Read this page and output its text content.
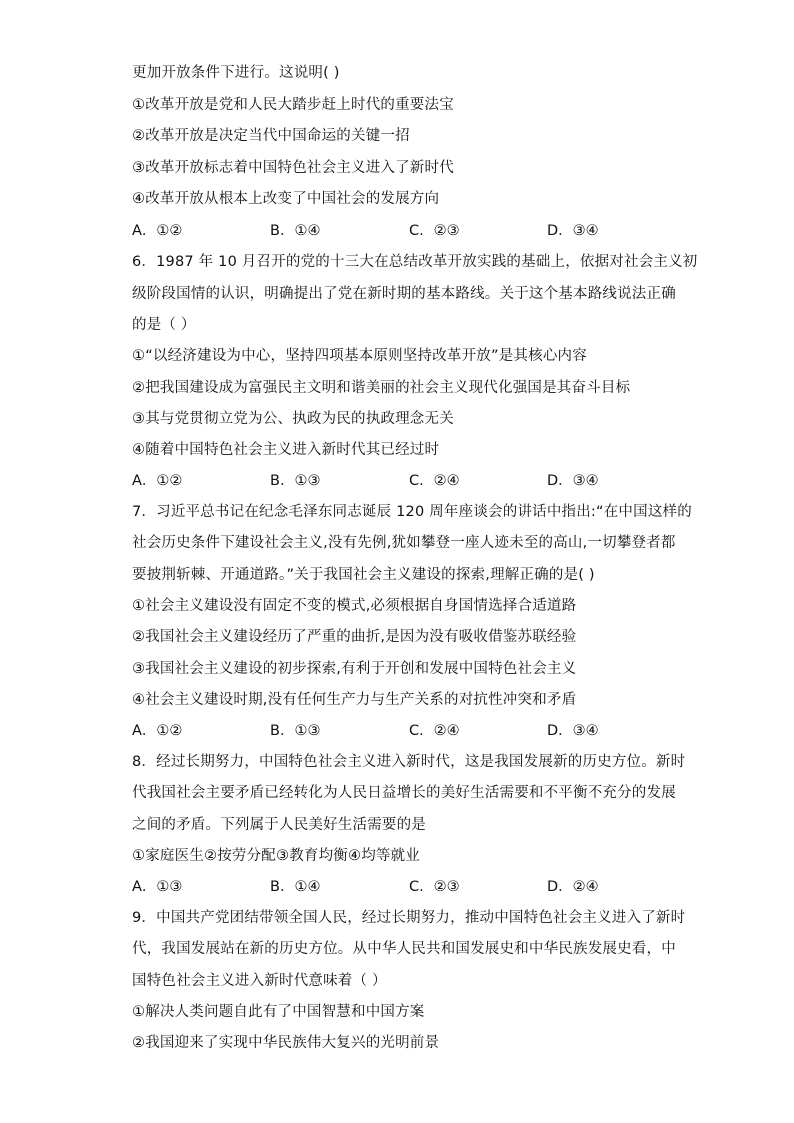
更加开放条件下进行。这说明( )
①改革开放是党和人民大踏步赶上时代的重要法宝
②改革开放是决定当代中国命运的关键一招
③改革开放标志着中国特色社会主义进入了新时代
④改革开放从根本上改变了中国社会的发展方向
A．①②	B．①④	C．②③	D．③④
6．1987 年 10 月召开的党的十三大在总结改革开放实践的基础上，依据对社会主义初
级阶段国情的认识，明确提出了党在新时期的基本路线。关于这个基本路线说法正确
的是（ ）
①“以经济建设为中心，坚持四项基本原则坚持改革开放”是其核心内容
②把我国建设成为富强民主文明和谐美丽的社会主义现代化强国是其奋斗目标
③其与党贯彻立党为公、执政为民的执政理念无关
④随着中国特色社会主义进入新时代其已经过时
A．①②	B．①③	C．②④	D．③④
7．习近平总书记在纪念毛泽东同志诞辰 120 周年座谈会的讲话中指出:“在中国这样的
社会历史条件下建设社会主义,没有先例,犹如攀登一座人迹未至的高山,一切攀登者都
要披荆斩棘、开通道路。”关于我国社会主义建设的探索,理解正确的是( )
①社会主义建设没有固定不变的模式,必须根据自身国情选择合适道路
②我国社会主义建设经历了严重的曲折,是因为没有吸收借鉴苏联经验
③我国社会主义建设的初步探索,有利于开创和发展中国特色社会主义
④社会主义建设时期,没有任何生产力与生产关系的对抗性冲突和矛盾
A．①②	B．①③	C．②④	D．③④
8．经过长期努力，中国特色社会主义进入新时代，这是我国发展新的历史方位。新时
代我国社会主要矛盾已经转化为人民日益增长的美好生活需要和不平衡不充分的发展
之间的矛盾。下列属于人民美好生活需要的是
①家庭医生②按劳分配③教育均衡④均等就业
A．①③	B．①④	C．②③	D．②④
9．中国共产党团结带领全国人民，经过长期努力，推动中国特色社会主义进入了新时
代，我国发展站在新的历史方位。从中华人民共和国发展史和中华民族发展史看，中
国特色社会主义进入新时代意味着（ ）
①解决人类问题自此有了中国智慧和中国方案
②我国迎来了实现中华民族伟大复兴的光明前景
